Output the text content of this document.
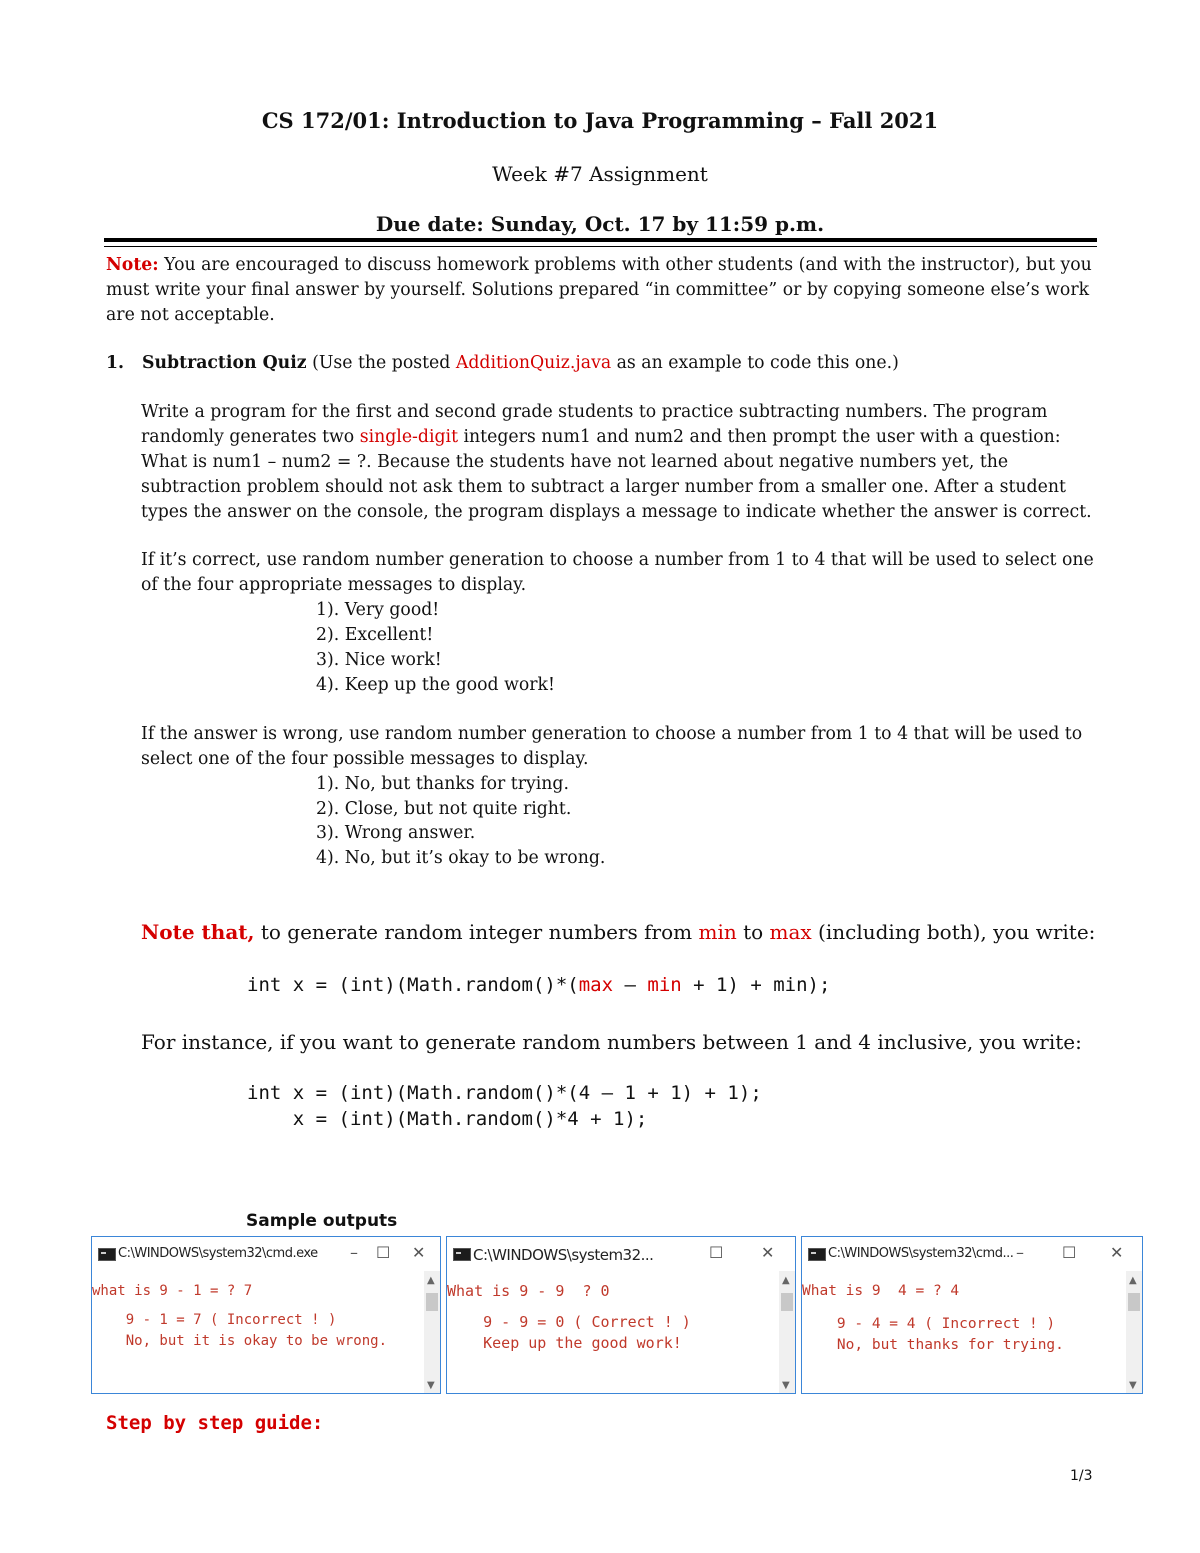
CS 172/01: Introduction to Java Programming – Fall 2021
Week #7 Assignment
Due date: Sunday, Oct. 17 by 11:59 p.m.
Note: You are encouraged to discuss homework problems with other students (and with the instructor), but you must write your final answer by yourself. Solutions prepared “in committee” or by copying someone else’s work are not acceptable.
1. Subtraction Quiz (Use the posted AdditionQuiz.java as an example to code this one.)
Write a program for the first and second grade students to practice subtracting numbers. The program randomly generates two single-digit integers num1 and num2 and then prompt the user with a question: What is num1 – num2 = ?. Because the students have not learned about negative numbers yet, the subtraction problem should not ask them to subtract a larger number from a smaller one. After a student types the answer on the console, the program displays a message to indicate whether the answer is correct.
If it’s correct, use random number generation to choose a number from 1 to 4 that will be used to select one of the four appropriate messages to display.
1). Very good!
2). Excellent!
3). Nice work!
4). Keep up the good work!
If the answer is wrong, use random number generation to choose a number from 1 to 4 that will be used to select one of the four possible messages to display.
1). No, but thanks for trying.
2). Close, but not quite right.
3). Wrong answer.
4). No, but it’s okay to be wrong.
Note that, to generate random integer numbers from min to max (including both), you write:
int x = (int)(Math.random()*(max – min + 1) + min);
For instance, if you want to generate random numbers between 1 and 4 inclusive, you write:
int x = (int)(Math.random()*(4 – 1 + 1) + 1);
x = (int)(Math.random()*4 + 1);
Sample outputs
C:\WINDOWS\system32\cmd.exe – ☐ ✕
what is 9 - 1 = ? 7
9 - 1 = 7 ( Incorrect ! )
No, but it is okay to be wrong.
▲
▼
C:\WINDOWS\system32...	☐ ✕
What is 9 - 9  ? 0
9 - 9 = 0 ( Correct ! )
Keep up the good work!
▲
▼
C:\WINDOWS\system32\cmd... – ☐ ✕
What is 9  4 = ? 4
9 - 4 = 4 ( Incorrect ! )
No, but thanks for trying.
▲
▼
Step by step guide:
1/3
